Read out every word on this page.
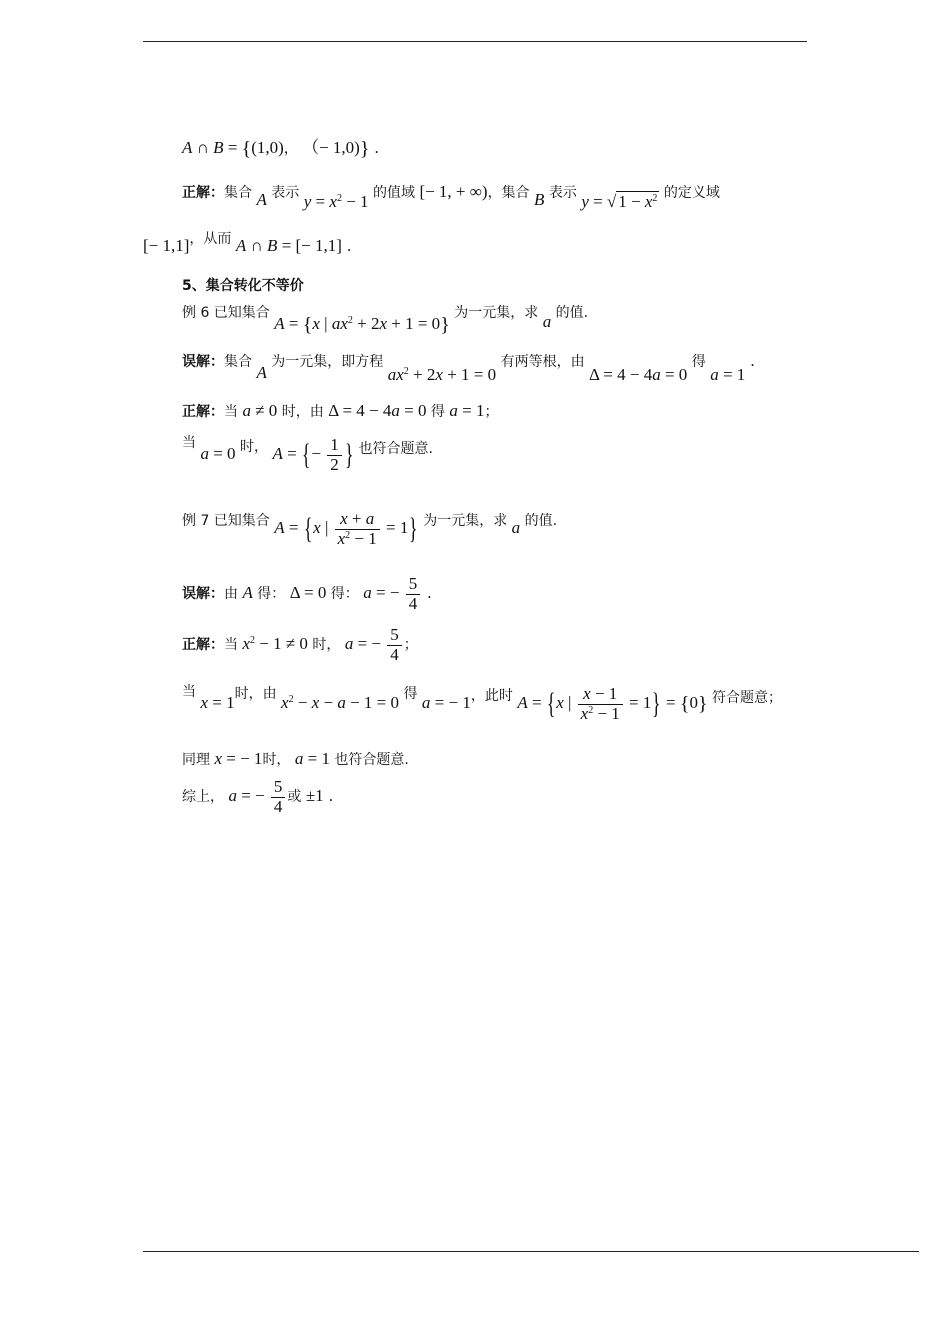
A ∩ B = {(1,0)， （− 1,0)} .
正解：集合 A 表示 $y = x^2 - 1$ 的值域 [− 1, + ∞)，集合 B 表示 y = √ $1 - x^2$ 的定义域
[− 1,1]，从而 A ∩ B = [− 1,1] .
5、集合转化不等价
例 6 已知集合 A = {x | $ax^2 + 2x + 1 = 0$} 为一元集，求 a 的值.
误解：集合 A 为一元集，即方程 $ax^2 + 2x + 1 = 0$ 有两等根，由 Δ = 4 − 4a = 0 得 a = 1 .
正解：当 a ≠ 0 时，由 Δ = 4 − 4a = 0 得 a = 1；
当 a = 0 时， A = {− $\frac{1}{2}$ } 也符合题意.
例 7 已知集合 A = {x | $\frac{x + a}{x^2 - 1} = 1$} 为一元集，求 a 的值.
误解：由 A 得： Δ = 0 得： a = − $\frac{5}{4}$ .
正解：当 $x^2 - 1 \ne 0$ 时， a = − $\frac{5}{4}$ ；
当 x = 1时，由 $x^2 - x - a - 1 = 0$ 得 a = − 1，此时 A = {x | $\frac{x - 1}{x^2 - 1} = 1\} = \{0\}$ 符合题意；
同理 x = − 1时， a = 1 也符合题意.
综上， a = − $\frac{5}{4}$ 或 ±1 .
